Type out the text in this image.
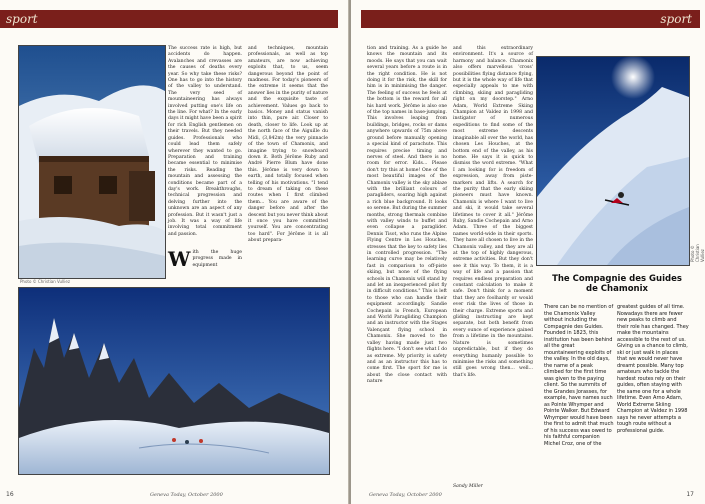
sport
Photo © Christian Vulliez
The success rate is high, but accidents do happen. Avalanches and crevasses are the causes of deaths every year. So why take these risks? One has to go into the history of the valley to understand. The very seed of mountaineering has always involved putting one's life on the line. For what? In the early days it might have been a spirit for rich English gentlemen on their travels. But they needed guides. Professionals who could lead them safely wherever they wanted to go. Preparation and training became essential to minimise the risks. Reading the mountain and assessing the conditions became part of a day's work. Breakthroughs, technical progression and delving further into the unknown are an aspect of any profession. But it wasn't just a job. It was a way of life involving total commitment and passion.
With the huge progress made in equipment
and techniques, mountain professionals, as well as top amateurs, are now achieving exploits that, to us, seem dangerous beyond the point of madness. For today's pioneers of the extreme it seems that the answer lies in the purity of nature and the exquisite taste of achievement. Values go back to basics. Money and status vanish into thin, pure air. Closer to death, closer to life. Look up at the north face of the Aiguille du Midi, (3,842m) the very pinnacle of the town of Chamonix, and imagine trying to snowboard down it. Both Jérôme Ruby and André Pierre Blum have done this. Jérôme is very down to earth, and totally focused when telling of his motivations. "I tend to dream of taking on these routes when I first climbed them... You are aware of the danger before and after the descent but you never think about it once you have committed yourself. You are concentrating too hard". For Jérôme it is all about prepara-
Geneva Today, October 2000
16
sport
tion and training. As a guide he knows the mountain and its moods. He says that you can wait several years before a route is in the right condition. He is not doing it for the risk, the skill for him is in minimising the danger. The feeling of success he feels at the bottom is the reward for all his hard work. Jérôme is also one of the top names in base-jumping. This involves leaping from buildings, bridges, rocks or dams anywhere upwards of 75m above ground before manually opening a special kind of parachute. This requires precise timing and nerves of steel. And there is no room for error. Kids... Please don't try this at home! One of the most beautiful images of the Chamonix valley is the sky ablaze with the brilliant colours of paragliders, soaring high against a rich blue background. It looks so serene. But during the summer months, strong thermals combine with valley winds to buffet and even collapse a paraglider. Dennis Tisot, who runs the Alpine Flying Centre in Les Houches, stresses that the key to safety lies in controlled progression. "The learning curve may be relatively fast in comparison to off-piste skiing, but none of the flying schools in Chamonix will stand by and let an inexperienced pilot fly in difficult conditions." This is left to those who can handle their equipment accordingly. Sandie Cochepain is French, European and World Paragliding Champion and an instructor with the Stages Valençant flying school in Chamonix. She moved to the valley having made just two flights here. "I don't see what I do as extreme. My priority is safety and as an instructor this has to come first. The sport for me is about the close contact with nature
and this extraordinary environment. It's a source of harmony and balance. Chamonix also offers marvellous 'cross' possibilities flying distance flying, but it is the whole way of life that especially appeals to me with climbing, skiing and paragliding right on my doorstep." Arno Adam, World Extreme Skiing Champion at Valdez in 1998 and instigator of numerous expeditions to find some of the most extreme descents imaginable all over the world, has chosen Les Houches, at the bottom end of the valley, as his home. He says it is quick to dismiss the word extreme. "What I am looking for is freedom of expression, away from piste-markers and lifts. A search for the purity that the early skiing pioneers must have known. Chamonix is where I want to live and ski, it would take several lifetimes to cover it all." Jérôme Ruby, Sandie Cochepain and Arno Adam. Three of the biggest names world-wide in their sports. They have all chosen to live in the Chamonix valley, and they are all at the top of highly dangerous, extreme activities. But they don't see it this way. To them, it is a way of life and a passion that requires endless preparation and constant calculation to make it safe. Don't think for a moment that they are foolhardy or would ever risk the lives of those in their charge. Extreme sports and gliding instructing are kept separate, but both benefit from every ounce of experience gained from a lifetime in the mountains. Nature is sometimes unpredictable, but if they do everything humanly possible to minimise the risks and something still goes wrong then... well... that's life.
Sandy Miller
Photo © Christian Vulliez
The Compagnie des Guides de Chamonix
There can be no mention of the Chamonix Valley without including the Compagnie des Guides. Founded in 1823, this institution has been behind all the great mountaineering exploits of the valley. In the old days, the name of a peak climbed for the first time was given to the paying client. So the summits of the Grandes Jorasses, for example, have names such as Pointe Whymper and Pointe Walker. But Edward Whymper would have been the first to admit that much of his success was owed to his faithful companion Michel Croz, one of the
greatest guides of all time. Nowadays there are fewer new peaks to climb and their role has changed. They make the mountains accessible to the rest of us. Giving us a chance to climb, ski or just walk in places that we would never have dreamt possible. Many top amateurs who tackle the hardest routes rely on their guides, often staying with the same one for a whole lifetime. Even Arno Adam, World Extreme Skiing Champion at Valdez in 1998 says he never attempts a tough route without a professional guide.
Geneva Today, October 2000	17
